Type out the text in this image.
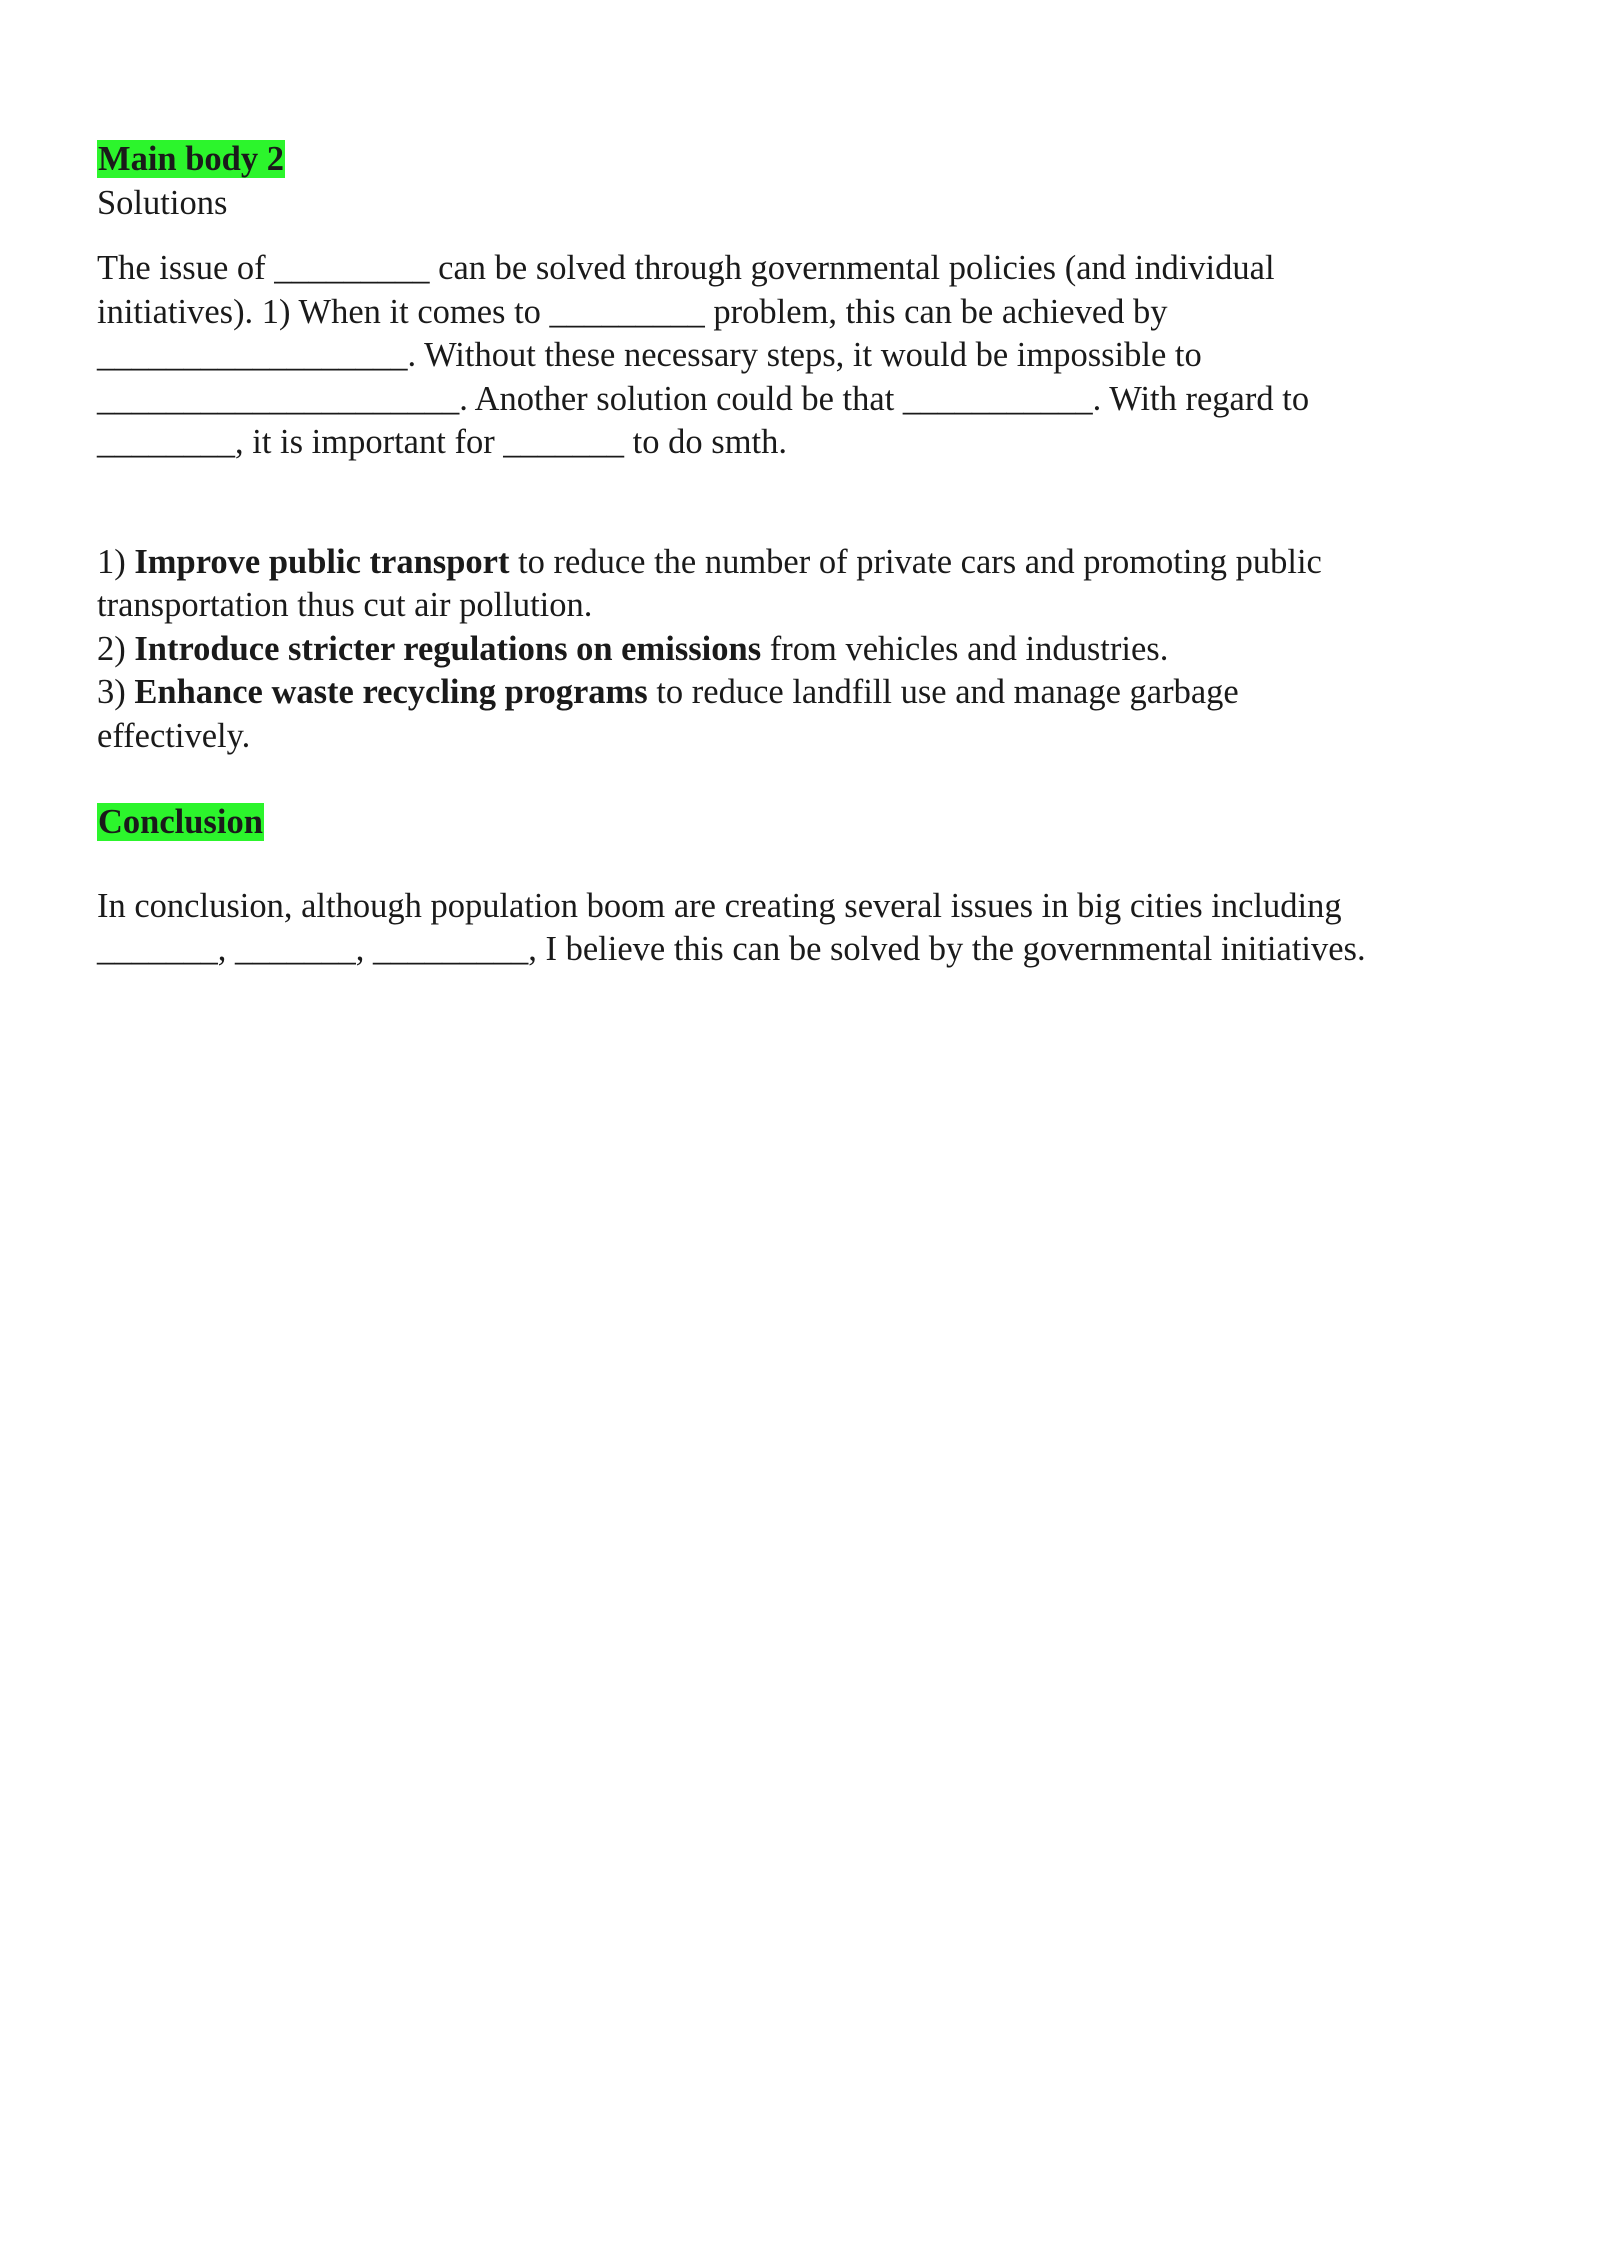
Main body 2
Solutions
The issue of _________ can be solved through governmental policies (and individual
initiatives). 1) When it comes to _________ problem, this can be achieved by
__________________. Without these necessary steps, it would be impossible to
_____________________. Another solution could be that ___________. With regard to
________, it is important for _______ to do smth.
1) Improve public transport to reduce the number of private cars and promoting public
transportation thus cut air pollution.
2) Introduce stricter regulations on emissions from vehicles and industries.
3) Enhance waste recycling programs to reduce landfill use and manage garbage
effectively.
Conclusion
In conclusion, although population boom are creating several issues in big cities including
_______, _______, _________, I believe this can be solved by the governmental initiatives.
